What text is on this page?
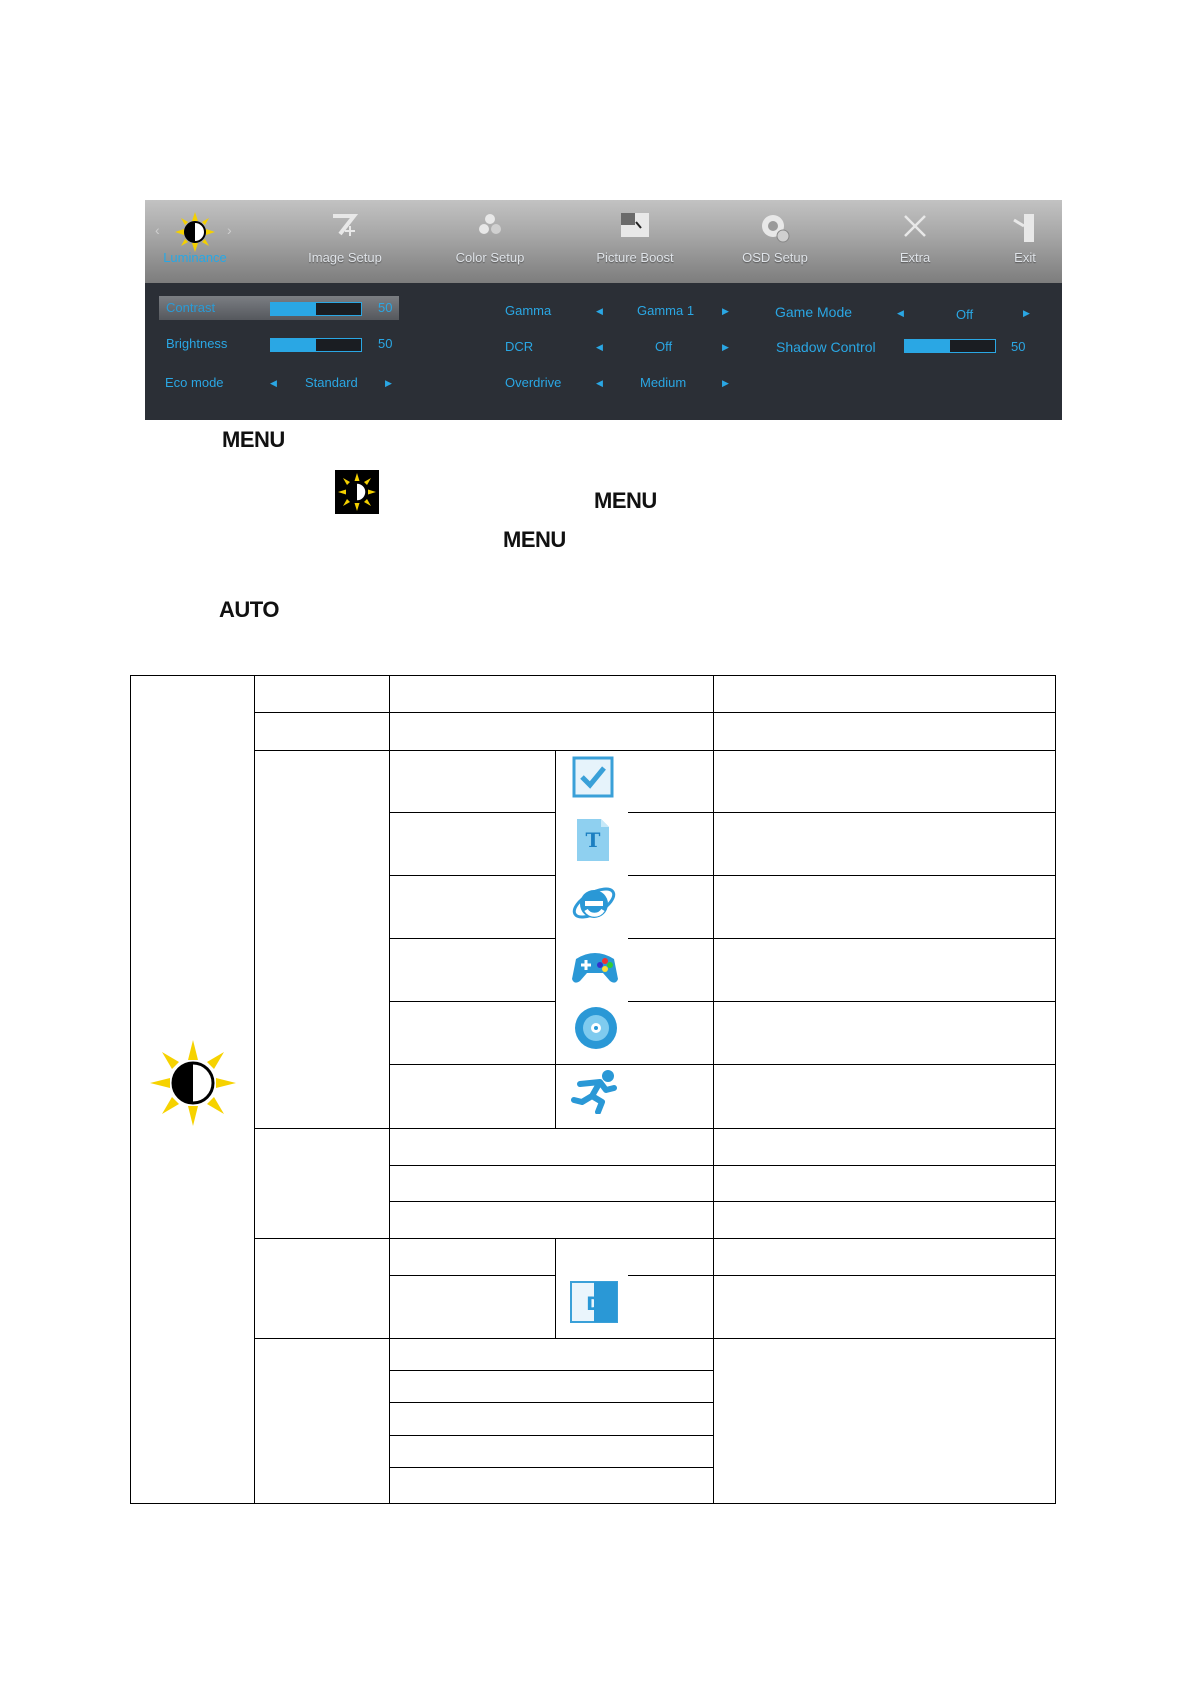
‹	›
Luminance	Image Setup	Color Setup	Picture Boost	OSD Setup	Extra	Exit
Contrast	50
Brightness	50
Eco mode	◀ Standard	▶
Gamma	◀	Gamma 1	▶
DCR	◀	Off	▶
Overdrive	◀	Medium	▶
Game Mode	◀	Off	▶
Shadow Control	50
MENU
MENU
MENU
AUTO
T
D
